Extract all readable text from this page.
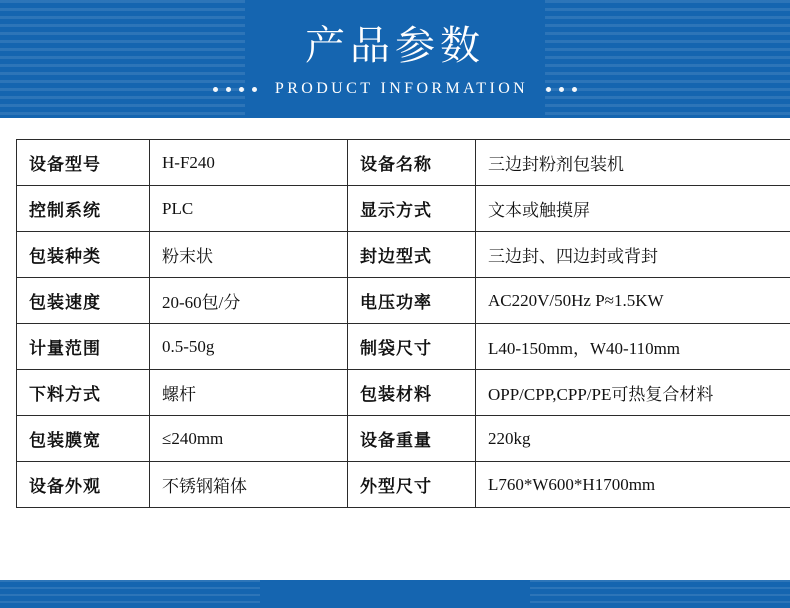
产品参数
PRODUCT INFORMATION
设备型号	H-F240	设备名称	三边封粉剂包装机
控制系统	PLC	显示方式	文本或触摸屏
包装种类	粉末状	封边型式	三边封、四边封或背封
包装速度	20-60包/分	电压功率	AC220V/50Hz P≈1.5KW
计量范围	0.5-50g	制袋尺寸	L40-150mm，W40-110mm
下料方式	螺杆	包装材料	OPP/CPP,CPP/PE可热复合材料
包装膜宽	≤240mm	设备重量	220kg
设备外观	不锈钢箱体	外型尺寸	L760*W600*H1700mm
